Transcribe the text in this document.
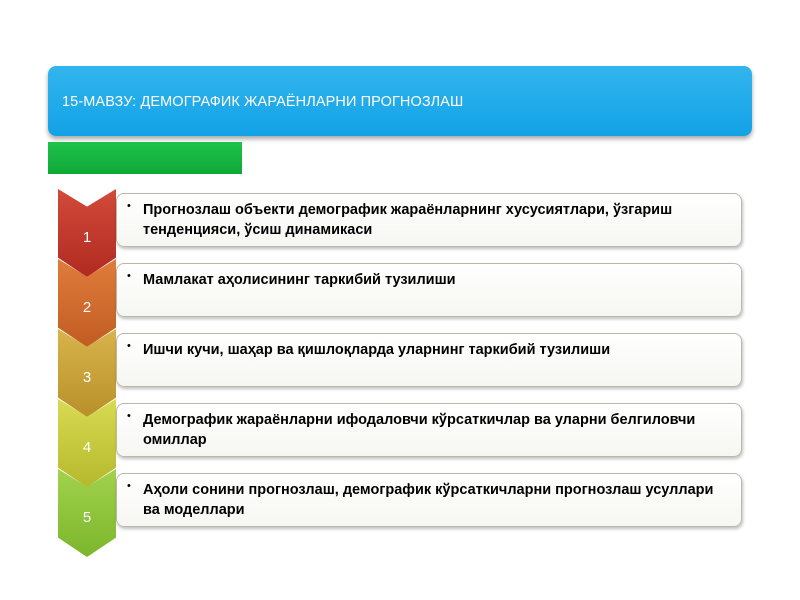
15-МАВЗУ: ДЕМОГРАФИК ЖАРАЁНЛАРНИ ПРОГНОЗЛАШ
1
• Прогнозлаш объекти демографик жараёнларнинг хусусиятлари, ўзгариш тенденцияси, ўсиш динамикаси
2
• Мамлакат аҳолисининг таркибий тузилиши
3
• Ишчи кучи, шаҳар ва қишлоқларда уларнинг таркибий тузилиши
4
• Демографик жараёнларни ифодаловчи кўрсаткичлар ва уларни белгиловчи омиллар
5
• Аҳоли сонини прогнозлаш, демографик кўрсаткичларни прогнозлаш усуллари ва моделлари
